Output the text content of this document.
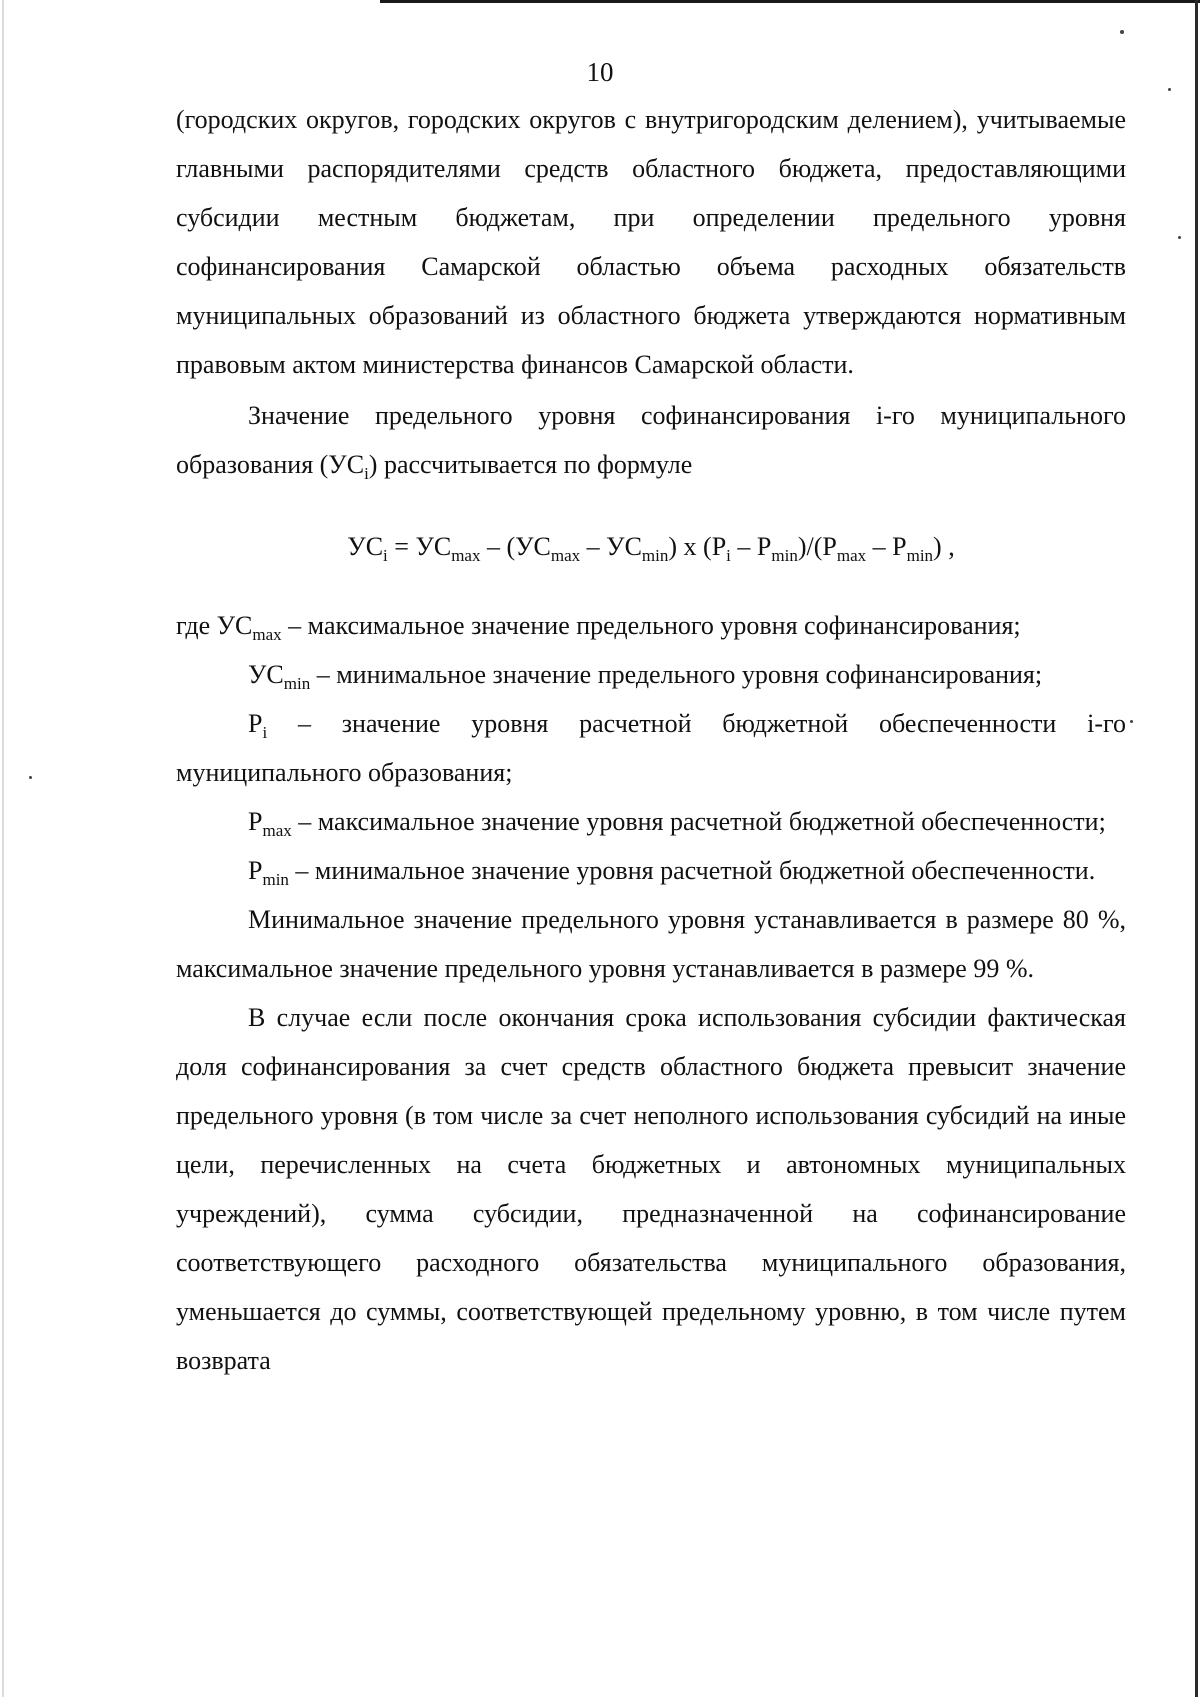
10

(городских округов, городских округов с внутригородским делением), учитываемые главными распорядителями средств областного бюджета, предоставляющими субсидии местным бюджетам, при определении предельного уровня софинансирования Самарской областью объема расходных обязательств муниципальных образований из областного бюджета утверждаются нормативным правовым актом министерства финансов Самарской области.

Значение предельного уровня софинансирования i-го муниципального образования $(УС_i)$ рассчитывается по формуле

$УС_i = УС_{max} - (УС_{max} - УС_{min})$ x $(P_i - P_{min})/(P_{max} - P_{min})$ ,

где $УС_{max}$ – максимальное значение предельного уровня софинансирования;

$УС_{min}$ – минимальное значение предельного уровня софинансирования;

$P_i$ – значение уровня расчетной бюджетной обеспеченности i-го муниципального образования;

$P_{max}$ – максимальное значение уровня расчетной бюджетной обеспеченности;

$P_{min}$ – минимальное значение уровня расчетной бюджетной обеспеченности.

Минимальное значение предельного уровня устанавливается в размере 80 %, максимальное значение предельного уровня устанавливается в размере 99 %.

В случае если после окончания срока использования субсидии фактическая доля софинансирования за счет средств областного бюджета превысит значение предельного уровня (в том числе за счет неполного использования субсидий на иные цели, перечисленных на счета бюджетных и автономных муниципальных учреждений), сумма субсидии, предназначенной на софинансирование соответствующего расходного обязательства муниципального образования, уменьшается до суммы, соответствующей предельному уровню, в том числе путем возврата
